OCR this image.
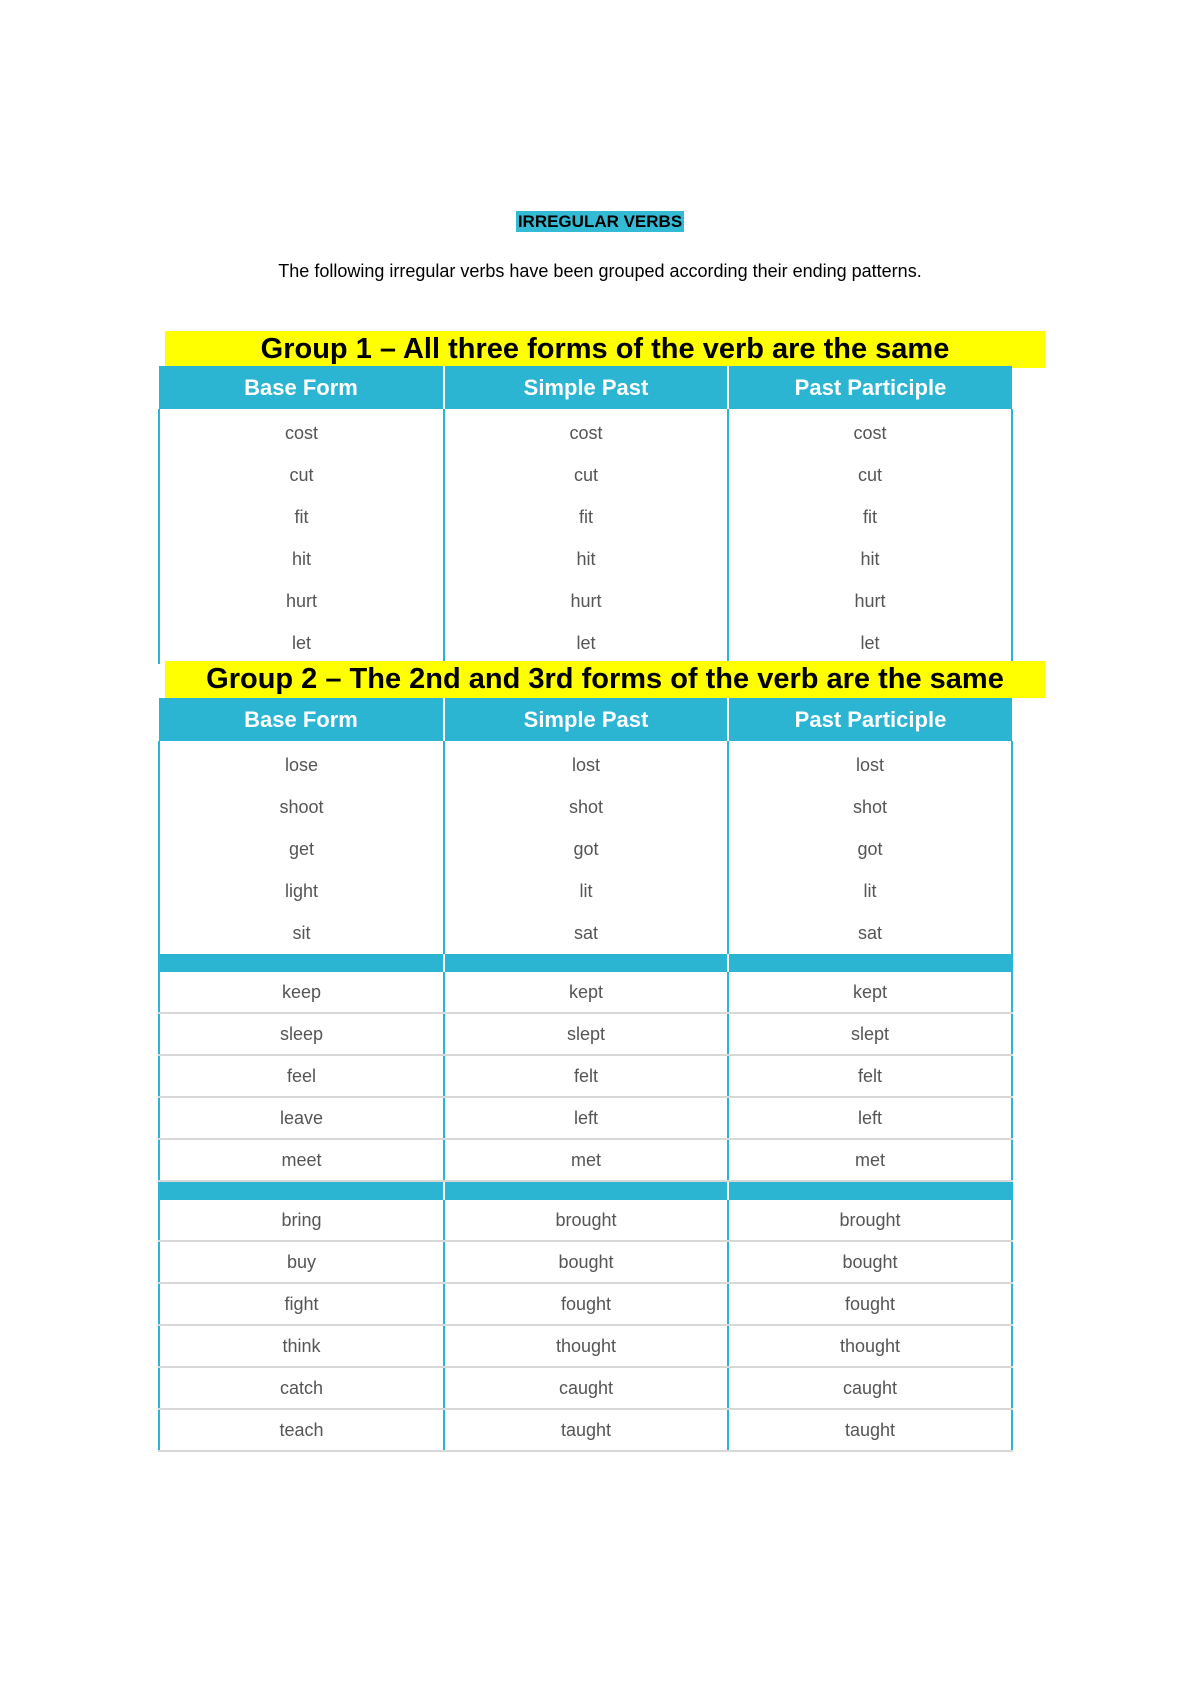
IRREGULAR VERBS
The following irregular verbs have been grouped according their ending patterns.
Group 1 – All three forms of the verb are the same
Base Form	Simple Past	Past Participle

cost	cost	cost
cut	cut	cut
fit	fit	fit
hit	hit	hit
hurt	hurt	hurt
let	let	let
Group 2 – The 2nd and 3rd forms of the verb are the same
Base Form	Simple Past	Past Participle

lose	lost	lost
shoot	shot	shot
get	got	got
light	lit	lit
sit	sat	sat

keep	kept	kept
sleep	slept	slept
feel	felt	felt
leave	left	left
meet	met	met

bring	brought	brought
buy	bought	bought
fight	fought	fought
think	thought	thought
catch	caught	caught
teach	taught	taught
